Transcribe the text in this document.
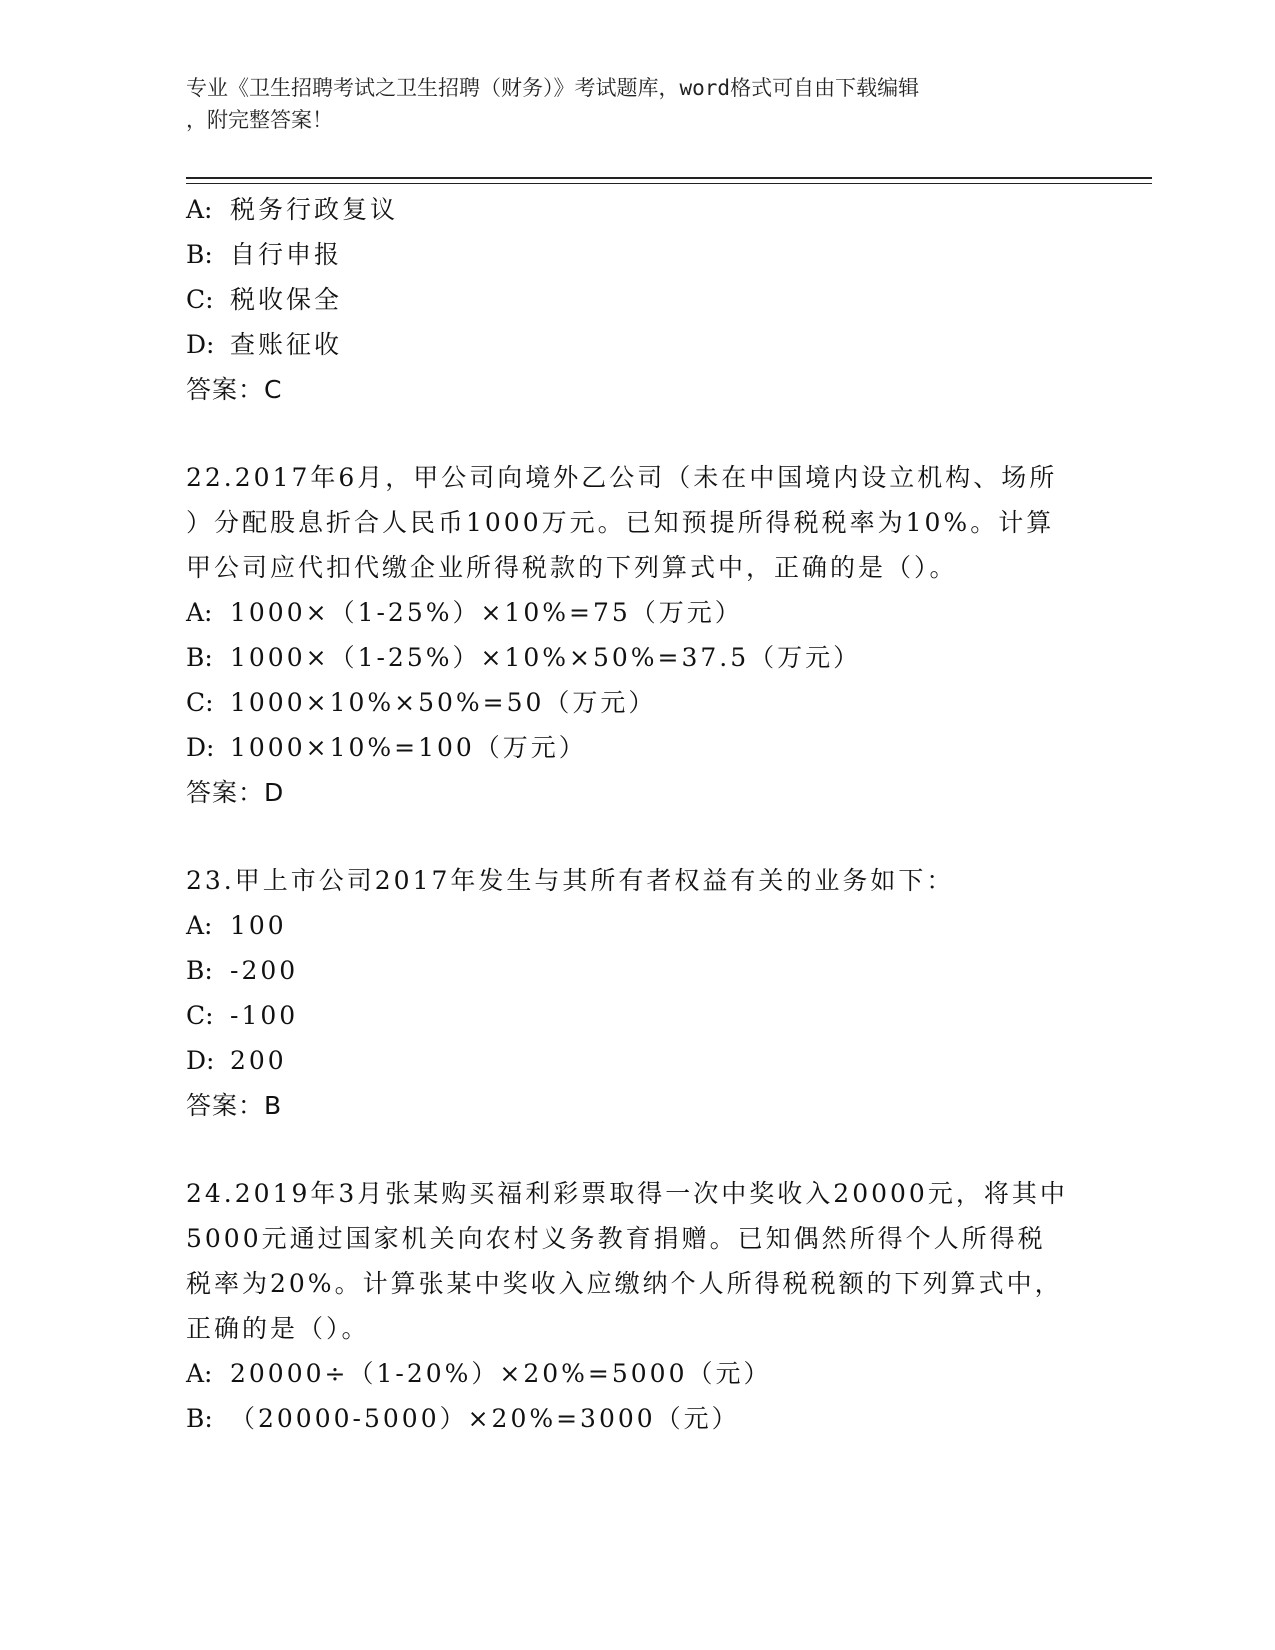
专业《卫生招聘考试之卫生招聘（财务）》考试题库，word格式可自由下载编辑
，附完整答案！
A: 税务行政复议
B: 自行申报
C: 税收保全
D: 查账征收
答案：C
22.2017年6月，甲公司向境外乙公司（未在中国境内设立机构、场所
）分配股息折合人民币1000万元。已知预提所得税税率为10%。计算
甲公司应代扣代缴企业所得税款的下列算式中，正确的是（）。
A: 1000×（1-25%）×10%=75（万元）
B: 1000×（1-25%）×10%×50%=37.5（万元）
C: 1000×10%×50%=50（万元）
D: 1000×10%=100（万元）
答案：D
23.甲上市公司2017年发生与其所有者权益有关的业务如下：
A: 100
B: -200
C: -100
D: 200
答案：B
24.2019年3月张某购买福利彩票取得一次中奖收入20000元，将其中
5000元通过国家机关向农村义务教育捐赠。已知偶然所得个人所得税
税率为20%。计算张某中奖收入应缴纳个人所得税税额的下列算式中，
正确的是（）。
A: 20000÷（1-20%）×20%=5000（元）
B: （20000-5000）×20%=3000（元）
